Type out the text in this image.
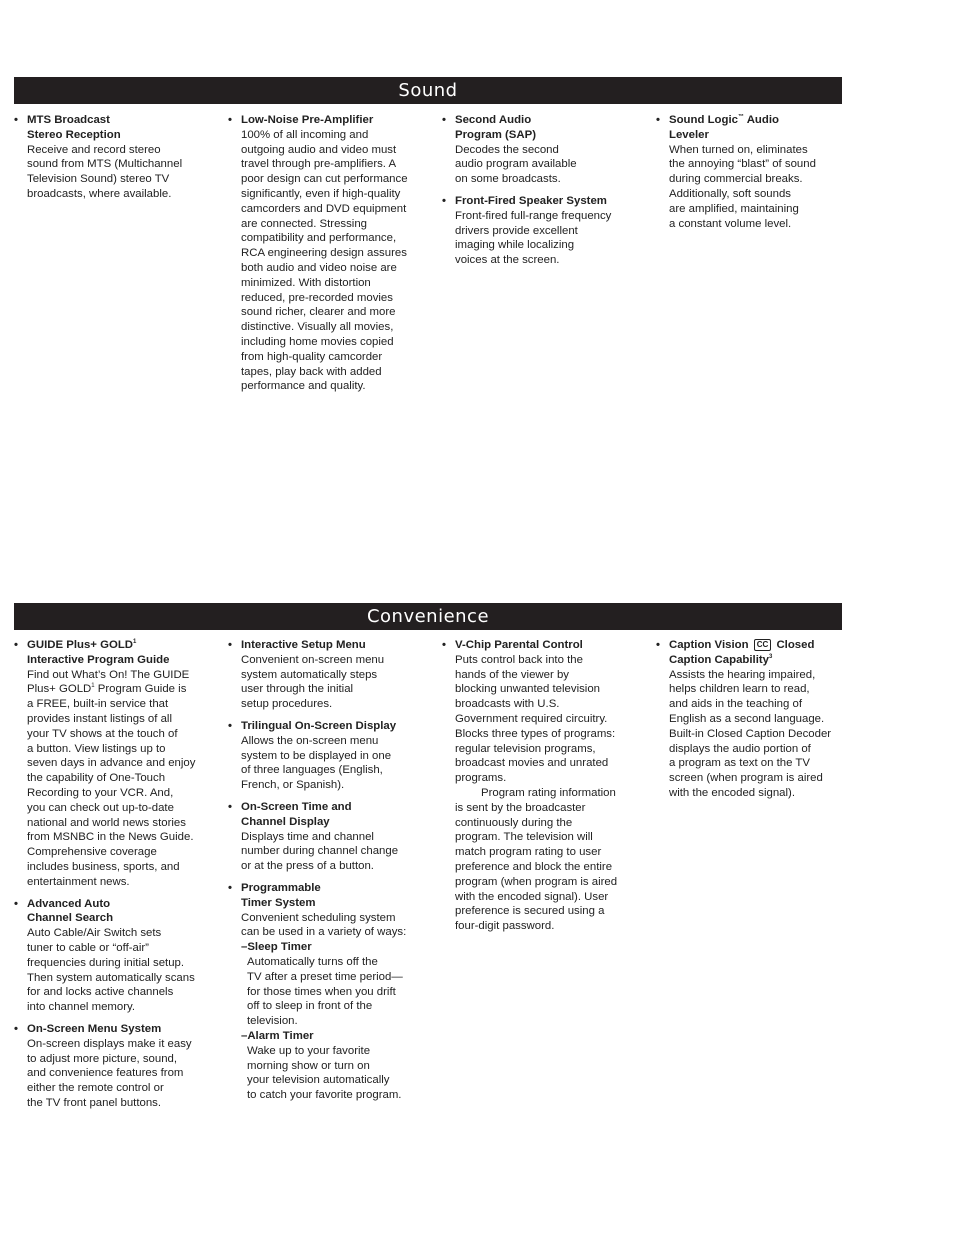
Sound
• MTS Broadcast
Stereo Reception
Receive and record stereo
sound from MTS (Multichannel
Television Sound) stereo TV
broadcasts, where available.
• Low-Noise Pre-Amplifier
100% of all incoming and
outgoing audio and video must
travel through pre-amplifiers. A
poor design can cut performance
significantly, even if high-quality
camcorders and DVD equipment
are connected. Stressing
compatibility and performance,
RCA engineering design assures
both audio and video noise are
minimized. With distortion
reduced, pre-recorded movies
sound richer, clearer and more
distinctive. Visually all movies,
including home movies copied
from high-quality camcorder
tapes, play back with added
performance and quality.
• Second Audio
Program (SAP)
Decodes the second
audio program available
on some broadcasts.
• Front-Fired Speaker System
Front-fired full-range frequency
drivers provide excellent
imaging while localizing
voices at the screen.
• Sound Logic™ Audio
Leveler
When turned on, eliminates
the annoying “blast” of sound
during commercial breaks.
Additionally, soft sounds
are amplified, maintaining
a constant volume level.
Convenience
• GUIDE Plus+ $GOLD^1$
Interactive Program Guide
Find out What’s On! The GUIDE
Plus+ $GOLD^1$ Program Guide is
a FREE, built-in service that
provides instant listings of all
your TV shows at the touch of
a button. View listings up to
seven days in advance and enjoy
the capability of One-Touch
Recording to your VCR. And,
you can check out up-to-date
national and world news stories
from MSNBC in the News Guide.
Comprehensive coverage
includes business, sports, and
entertainment news.
• Advanced Auto
Channel Search
Auto Cable/Air Switch sets
tuner to cable or “off-air”
frequencies during initial setup.
Then system automatically scans
for and locks active channels
into channel memory.
• On-Screen Menu System
On-screen displays make it easy
to adjust more picture, sound,
and convenience features from
either the remote control or
the TV front panel buttons.
• Interactive Setup Menu
Convenient on-screen menu
system automatically steps
user through the initial
setup procedures.
• Trilingual On-Screen Display
Allows the on-screen menu
system to be displayed in one
of three languages (English,
French, or Spanish).
• On-Screen Time and
Channel Display
Displays time and channel
number during channel change
or at the press of a button.
• Programmable
Timer System
Convenient scheduling system
can be used in a variety of ways:
–Sleep Timer
Automatically turns off the
TV after a preset time period—
for those times when you drift
off to sleep in front of the
television.
–Alarm Timer
Wake up to your favorite
morning show or turn on
your television automatically
to catch your favorite program.
• V-Chip Parental Control
Puts control back into the
hands of the viewer by
blocking unwanted television
broadcasts with U.S.
Government required circuitry.
Blocks three types of programs:
regular television programs,
broadcast movies and unrated
programs.
Program rating information
is sent by the broadcaster
continuously during the
program. The television will
match program rating to user
preference and block the entire
program (when program is aired
with the encoded signal). User
preference is secured using a
four-digit password.
• Caption Vision CC Closed
Caption Capability$^3$
Assists the hearing impaired,
helps children learn to read,
and aids in the teaching of
English as a second language.
Built-in Closed Caption Decoder
displays the audio portion of
a program as text on the TV
screen (when program is aired
with the encoded signal).
